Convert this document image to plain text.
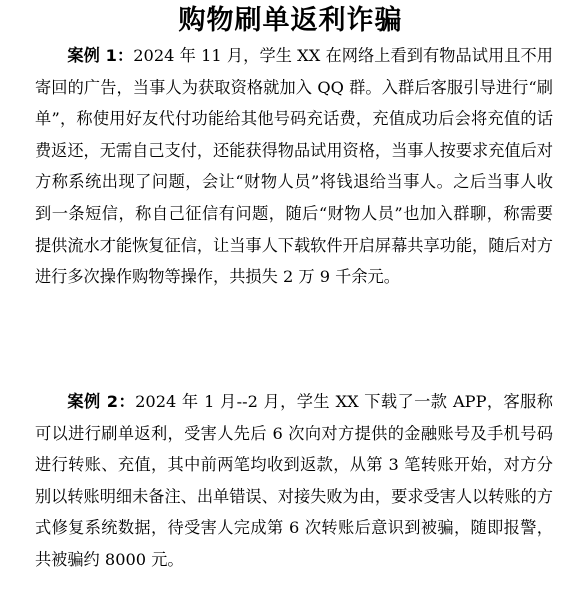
购物刷单返利诈骗

案例 1：2024 年 11 月，学生 XX 在网络上看到有物品试用且不用寄回的广告，当事人为获取资格就加入 QQ 群。入群后客服引导进行“刷单”，称使用好友代付功能给其他号码充话费，充值成功后会将充值的话费返还，无需自己支付，还能获得物品试用资格，当事人按要求充值后对方称系统出现了问题，会让“财物人员”将钱退给当事人。之后当事人收到一条短信，称自己征信有问题，随后“财物人员”也加入群聊，称需要提供流水才能恢复征信，让当事人下载软件开启屏幕共享功能，随后对方进行多次操作购物等操作，共损失 2 万 9 千余元。

案例 2：2024 年 1 月--2 月，学生 XX 下载了一款 APP，客服称可以进行刷单返利，受害人先后 6 次向对方提供的金融账号及手机号码进行转账、充值，其中前两笔均收到返款，从第 3 笔转账开始，对方分别以转账明细未备注、出单错误、对接失败为由，要求受害人以转账的方式修复系统数据，待受害人完成第 6 次转账后意识到被骗，随即报警，共被骗约 8000 元。
